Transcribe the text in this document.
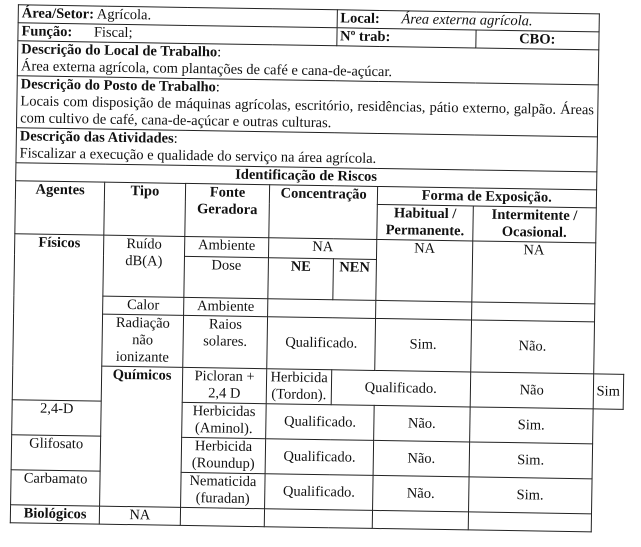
Área/Setor: Agrícola.				Local: Área externa agrícola.			
Função: Fiscal;				Nº trab:		CBO:	

Descrição do Local de Trabalho:
Área externa agrícola, com plantações de café e cana-de-açúcar.							

Descrição do Posto de Trabalho:
Locais com disposição de máquinas agrícolas, escritório, residências, pátio externo, galpão. Áreas com cultivo de café, cana-de-açúcar e outras culturas.							

Descrição das Atividades:
Fiscalizar a execução e qualidade do serviço na área agrícola.							

Identificação de Riscos							
Agentes	Tipo	Fonte Geradora	Concentração		Forma de Exposição.		
					Habitual / Permanente.	Intermitente / Ocasional.	
Físicos	Ruído dB(A)	Ambiente	NA		NA	NA	
		Dose	NE	NEN			
	Calor	Ambiente					
	Radiação não ionizante	Raios solares.	Qualificado.		Sim.	Não.	
	Químicos	Picloran + 2,4 D	Herbicida (Tordon).	Qualificado.		Não	Sim
2,4-D		Herbicidas (Aminol).	Qualificado.		Não.	Sim.	
Glifosato		Herbicida (Roundup)	Qualificado.		Não.	Sim.	
Carbamato		Nematicida (furadan)	Qualificado.		Não.	Sim.	
Biológicos	NA						
